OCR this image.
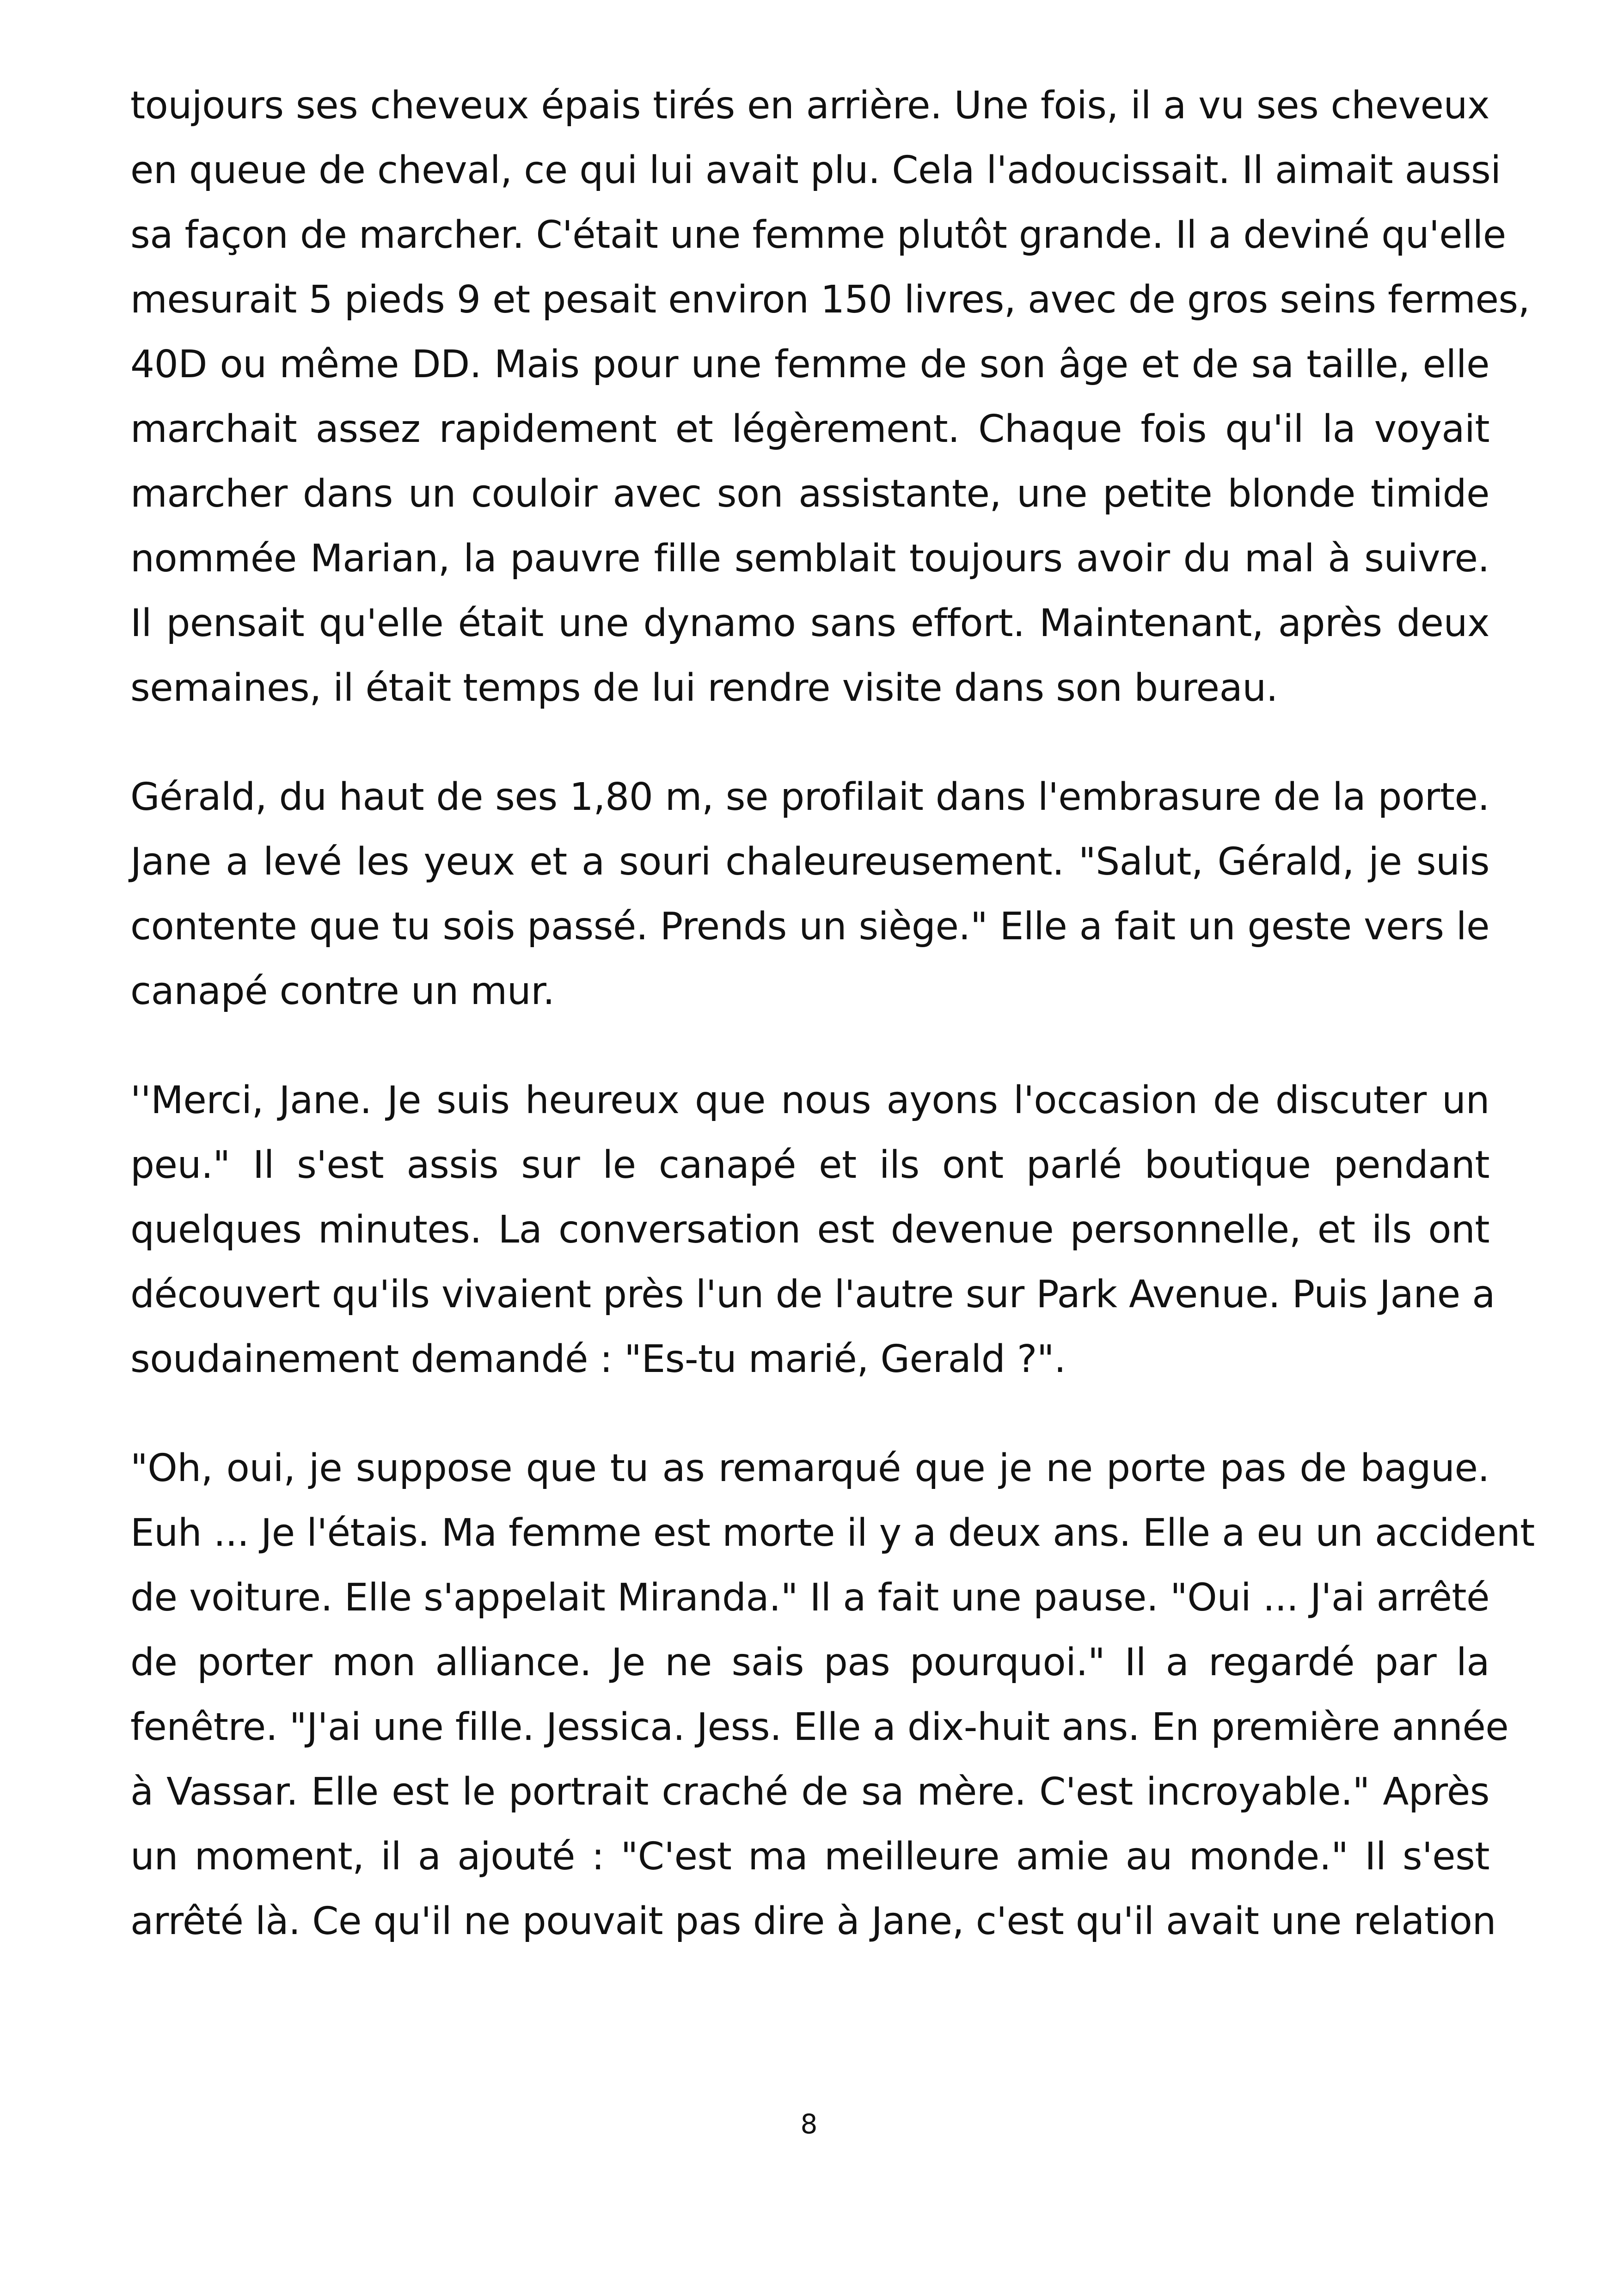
toujours ses cheveux épais tirés en arrière. Une fois, il a vu ses cheveux
en queue de cheval, ce qui lui avait plu. Cela l'adoucissait. Il aimait aussi
sa façon de marcher. C'était une femme plutôt grande. Il a deviné qu'elle
mesurait 5 pieds 9 et pesait environ 150 livres, avec de gros seins fermes,
40D ou même DD. Mais pour une femme de son âge et de sa taille, elle
marchait assez rapidement et légèrement. Chaque fois qu'il la voyait
marcher dans un couloir avec son assistante, une petite blonde timide
nommée Marian, la pauvre fille semblait toujours avoir du mal à suivre.
Il pensait qu'elle était une dynamo sans effort. Maintenant, après deux
semaines, il était temps de lui rendre visite dans son bureau.

Gérald, du haut de ses 1,80 m, se profilait dans l'embrasure de la porte.
Jane a levé les yeux et a souri chaleureusement. "Salut, Gérald, je suis
contente que tu sois passé. Prends un siège." Elle a fait un geste vers le
canapé contre un mur.

''Merci, Jane. Je suis heureux que nous ayons l'occasion de discuter un
peu." Il s'est assis sur le canapé et ils ont parlé boutique pendant
quelques minutes. La conversation est devenue personnelle, et ils ont
découvert qu'ils vivaient près l'un de l'autre sur Park Avenue. Puis Jane a
soudainement demandé : "Es-tu marié, Gerald ?".

"Oh, oui, je suppose que tu as remarqué que je ne porte pas de bague.
Euh ... Je l'étais. Ma femme est morte il y a deux ans. Elle a eu un accident
de voiture. Elle s'appelait Miranda." Il a fait une pause. "Oui ... J'ai arrêté
de porter mon alliance. Je ne sais pas pourquoi." Il a regardé par la
fenêtre. "J'ai une fille. Jessica. Jess. Elle a dix-huit ans. En première année
à Vassar. Elle est le portrait craché de sa mère. C'est incroyable." Après
un moment, il a ajouté : "C'est ma meilleure amie au monde." Il s'est
arrêté là. Ce qu'il ne pouvait pas dire à Jane, c'est qu'il avait une relation

8
